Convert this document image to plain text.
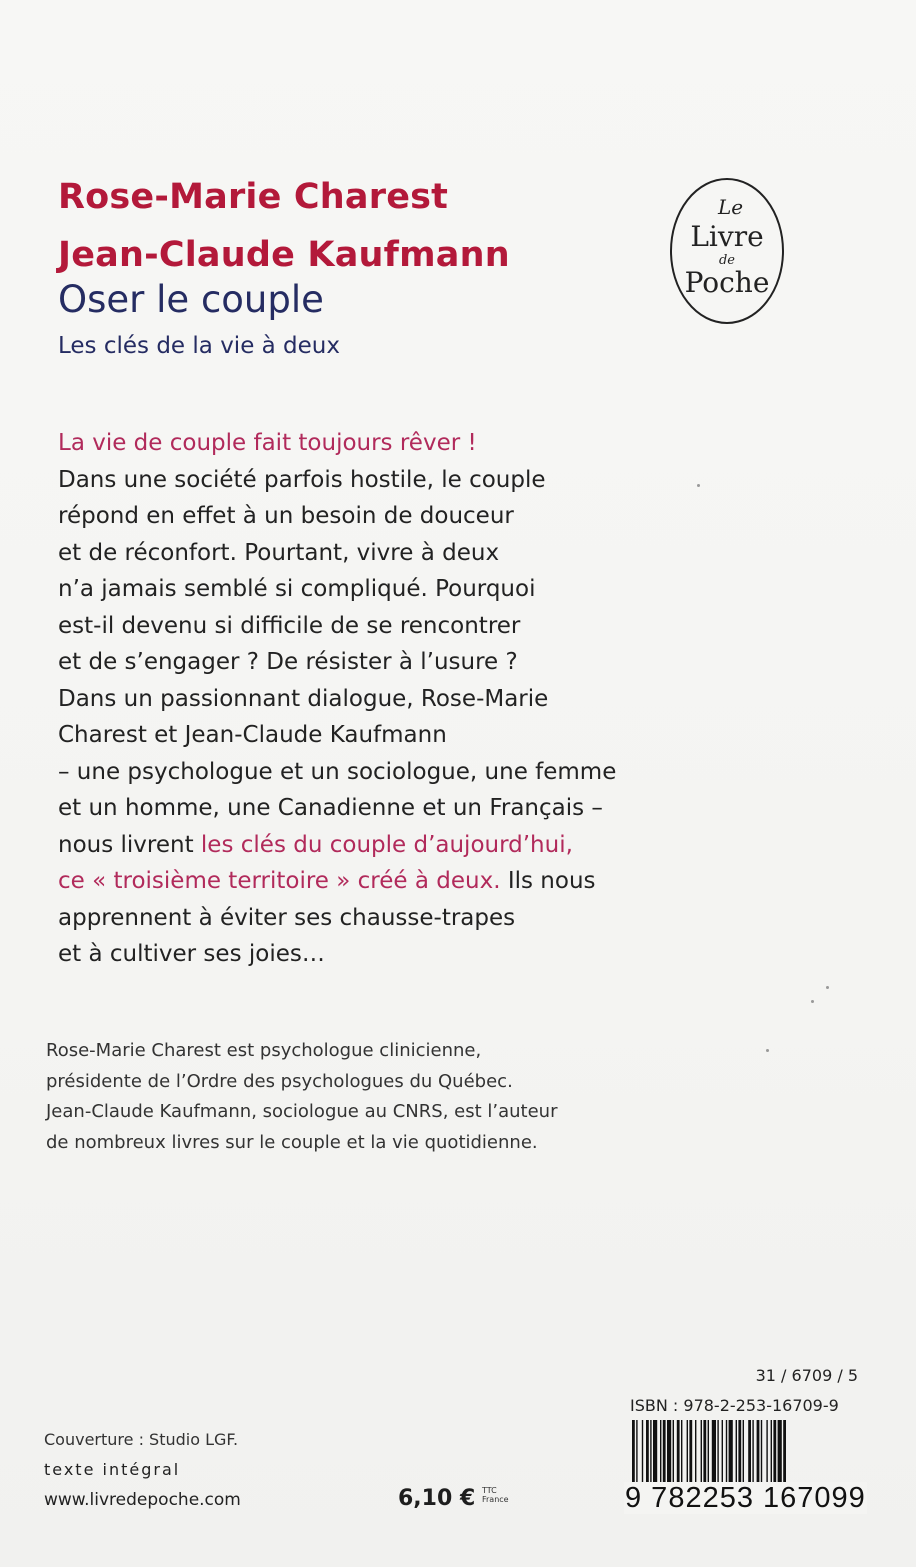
Rose-Marie Charest
Jean-Claude Kaufmann
Oser le couple
Les clés de la vie à deux
Le
Livre
de
Poche
La vie de couple fait toujours rêver !
Dans une société parfois hostile, le couple
répond en effet à un besoin de douceur
et de réconfort. Pourtant, vivre à deux
n’a jamais semblé si compliqué. Pourquoi
est-il devenu si difficile de se rencontrer
et de s’engager ? De résister à l’usure ?
Dans un passionnant dialogue, Rose-Marie
Charest et Jean-Claude Kaufmann
– une psychologue et un sociologue, une femme
et un homme, une Canadienne et un Français –
nous livrent les clés du couple d’aujourd’hui,
ce « troisième territoire » créé à deux. Ils nous
apprennent à éviter ses chausse-trapes
et à cultiver ses joies…
Rose-Marie Charest est psychologue clinicienne,
présidente de l’Ordre des psychologues du Québec.
Jean-Claude Kaufmann, sociologue au CNRS, est l’auteur
de nombreux livres sur le couple et la vie quotidienne.
31 / 6709 / 5
ISBN : 978-2-253-16709-9
9 782253 167099
Couverture : Studio LGF.
texte intégral
www.livredepoche.com	6,10 € TTC
France
